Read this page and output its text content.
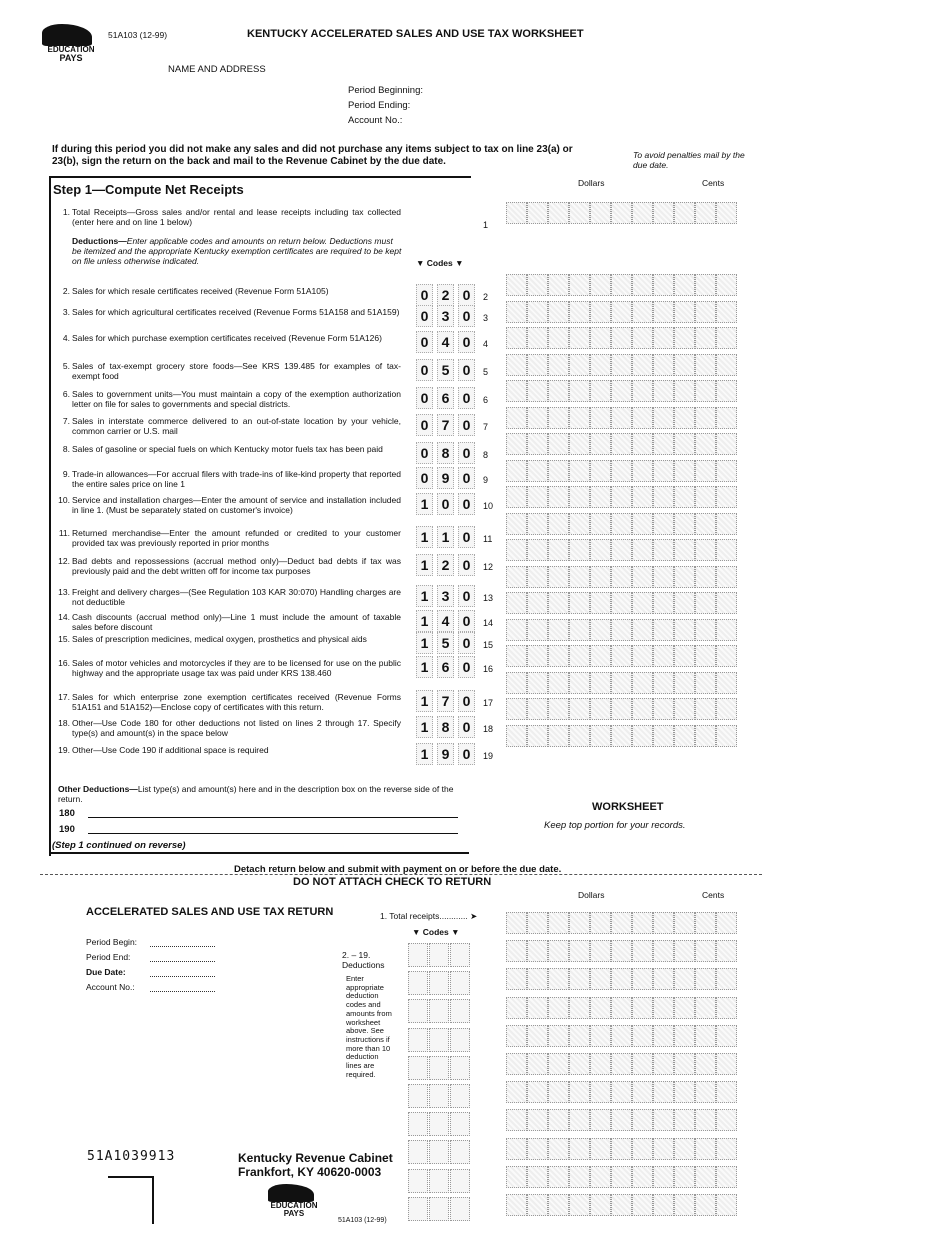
EDUCATION
PAYS
51A103 (12-99)	KENTUCKY ACCELERATED SALES AND USE TAX WORKSHEET
NAME AND ADDRESS
Period Beginning:
Period Ending:
Account No.:
If during this period you did not make any sales and did not purchase any items subject to tax on line 23(a) or 23(b), sign the return on the back and mail to the Revenue Cabinet by the due date.
To avoid penalties mail by the due date.
Dollars	Cents
Step 1—Compute Net Receipts
1. Total Receipts—Gross sales and/or rental and lease receipts including tax collected (enter here and on line 1 below)	1
Deductions—Enter applicable codes and amounts on return below. Deductions must be itemized and the appropriate Kentucky exemption certificates are required to be kept on file unless otherwise indicated.	▼ Codes ▼
2. Sales for which resale certificates received (Revenue Form 51A105)	0 2 0	2
3. Sales for which agricultural certificates received (Revenue Forms 51A158 and 51A159)	0 3 0	3
4. Sales for which purchase exemption certificates received (Revenue Form 51A126)	0 4 0	4
5. Sales of tax-exempt grocery store foods—See KRS 139.485 for examples of tax-exempt food	0 5 0	5
6. Sales to government units—You must maintain a copy of the exemption authorization letter on file for sales to governments and special districts.	0 6 0	6
7. Sales in interstate commerce delivered to an out-of-state location by your vehicle, common carrier or U.S. mail	0 7 0	7
8. Sales of gasoline or special fuels on which Kentucky motor fuels tax has been paid	0 8 0	8
9. Trade-in allowances—For accrual filers with trade-ins of like-kind property that reported the entire sales price on line 1	0 9 0	9
10. Service and installation charges—Enter the amount of service and installation included in line 1. (Must be separately stated on customer's invoice)	1 0 0	10
11. Returned merchandise—Enter the amount refunded or credited to your customer provided tax was previously reported in prior months	1 1 0	11
12. Bad debts and repossessions (accrual method only)—Deduct bad debts if tax was previously paid and the debt written off for income tax purposes	1 2 0	12
13. Freight and delivery charges—(See Regulation 103 KAR 30:070) Handling charges are not deductible	1 3 0	13
14. Cash discounts (accrual method only)—Line 1 must include the amount of taxable sales before discount	1 4 0	14
15. Sales of prescription medicines, medical oxygen, prosthetics and physical aids	1 5 0	15
16. Sales of motor vehicles and motorcycles if they are to be licensed for use on the public highway and the appropriate usage tax was paid under KRS 138.460	1 6 0	16
17. Sales for which enterprise zone exemption certificates received (Revenue Forms 51A151 and 51A152)—Enclose copy of certificates with this return.	1 7 0	17
18. Other—Use Code 180 for other deductions not listed on lines 2 through 17. Specify type(s) and amount(s) in the space below	1 8 0	18
19. Other—Use Code 190 if additional space is required	1 9 0	19
Other Deductions—List type(s) and amount(s) here and in the description box on the reverse side of the return.
180
190
(Step 1 continued on reverse)
WORKSHEET
Keep top portion for your records.
Detach return below and submit with payment on or before the due date.
DO NOT ATTACH CHECK TO RETURN
Dollars	Cents
ACCELERATED SALES AND USE TAX RETURN	1. Total receipts............ ➤
Period Begin:
Period End:
Due Date:
Account No.:
▼ Codes ▼
2. – 19. Deductions
Enter appropriate deduction codes and amounts from worksheet above. See instructions if more than 10 deduction lines are required.
51A1039913	Kentucky Revenue Cabinet
Frankfort, KY 40620-0003
EDUCATION
PAYS
51A103 (12-99)
